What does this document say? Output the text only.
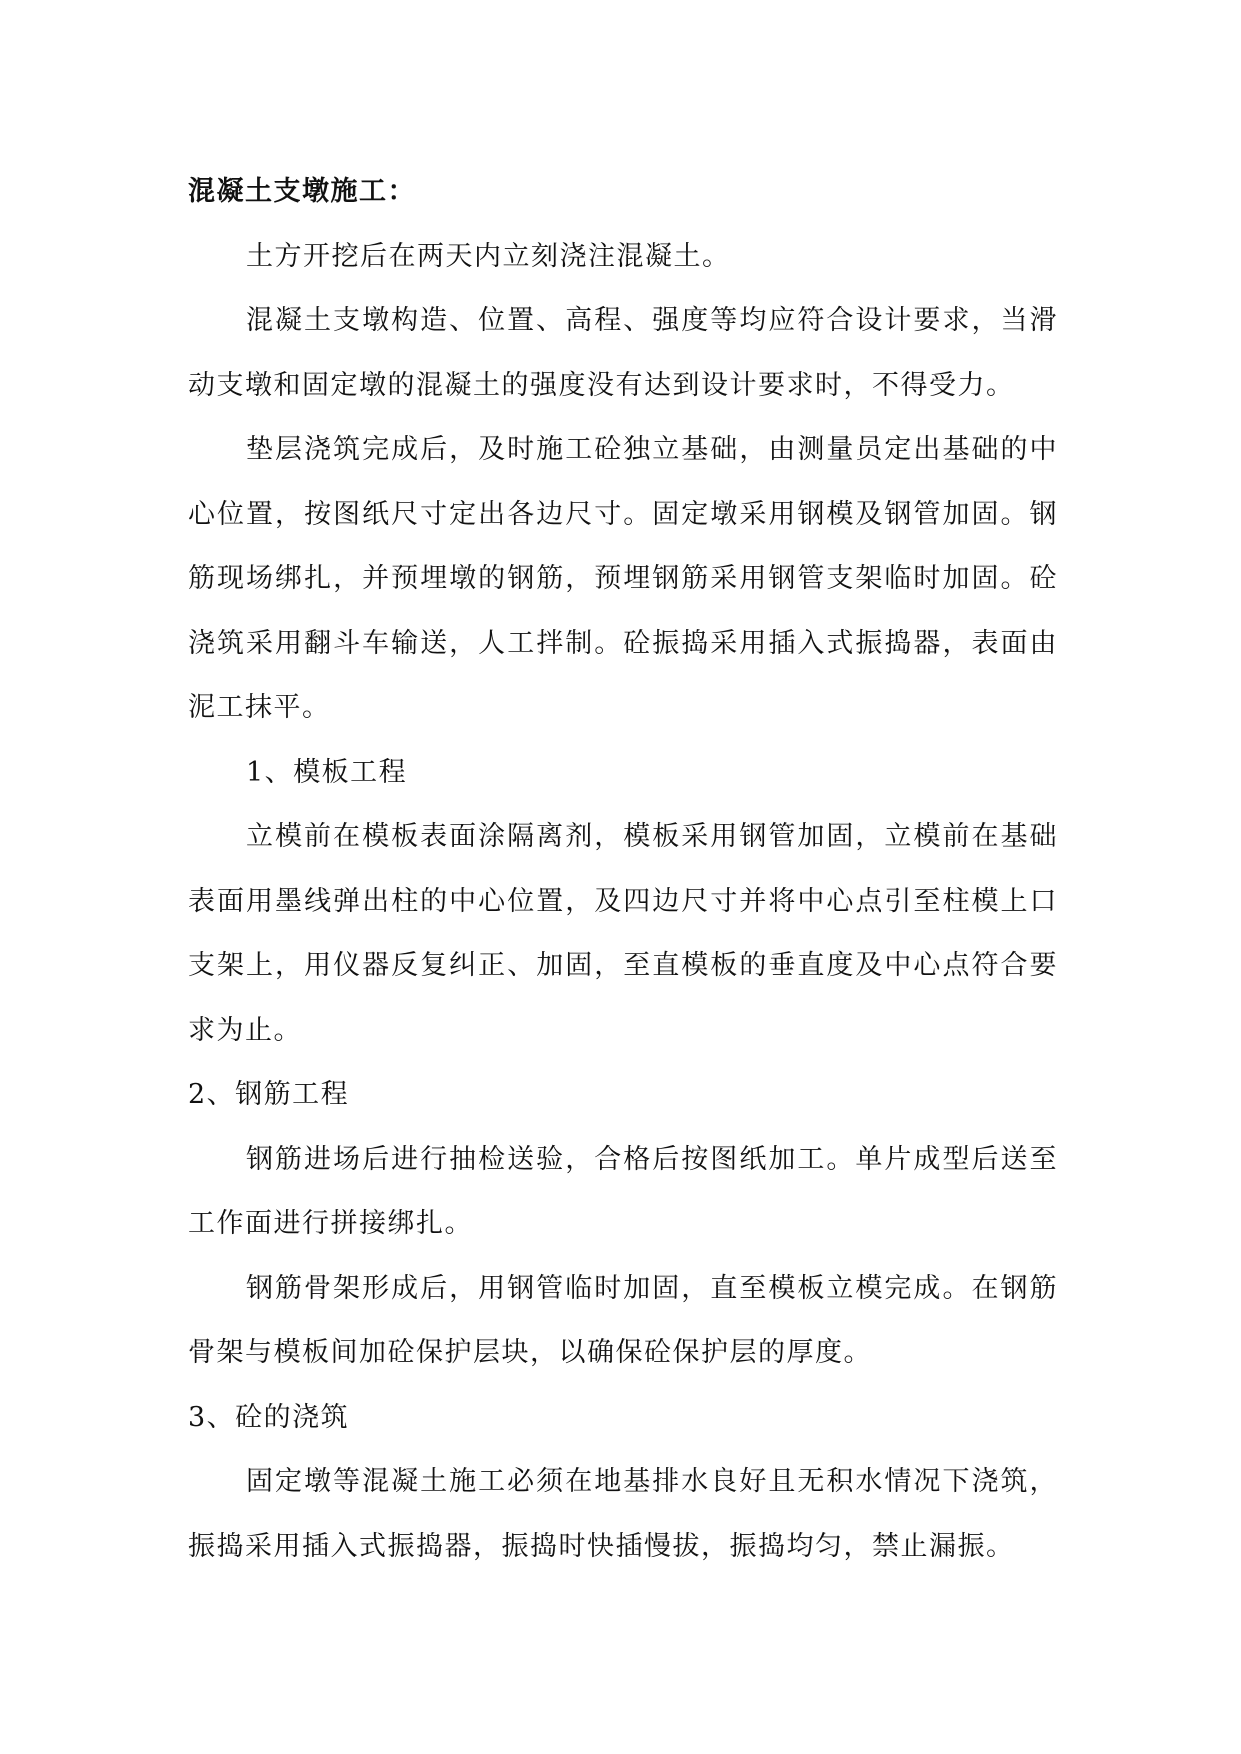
混凝土支墩施工：

土方开挖后在两天内立刻浇注混凝土。

混凝土支墩构造、位置、高程、强度等均应符合设计要求，当滑动支墩和固定墩的混凝土的强度没有达到设计要求时，不得受力。

垫层浇筑完成后，及时施工砼独立基础，由测量员定出基础的中心位置，按图纸尺寸定出各边尺寸。固定墩采用钢模及钢管加固。钢筋现场绑扎，并预埋墩的钢筋，预埋钢筋采用钢管支架临时加固。砼浇筑采用翻斗车输送，人工拌制。砼振捣采用插入式振捣器，表面由泥工抹平。

1、模板工程

立模前在模板表面涂隔离剂，模板采用钢管加固，立模前在基础表面用墨线弹出柱的中心位置，及四边尺寸并将中心点引至柱模上口支架上，用仪器反复纠正、加固，至直模板的垂直度及中心点符合要求为止。

2、钢筋工程

钢筋进场后进行抽检送验，合格后按图纸加工。单片成型后送至工作面进行拼接绑扎。

钢筋骨架形成后，用钢管临时加固，直至模板立模完成。在钢筋骨架与模板间加砼保护层块，以确保砼保护层的厚度。

3、砼的浇筑

固定墩等混凝土施工必须在地基排水良好且无积水情况下浇筑，振捣采用插入式振捣器，振捣时快插慢拔，振捣均匀，禁止漏振。
